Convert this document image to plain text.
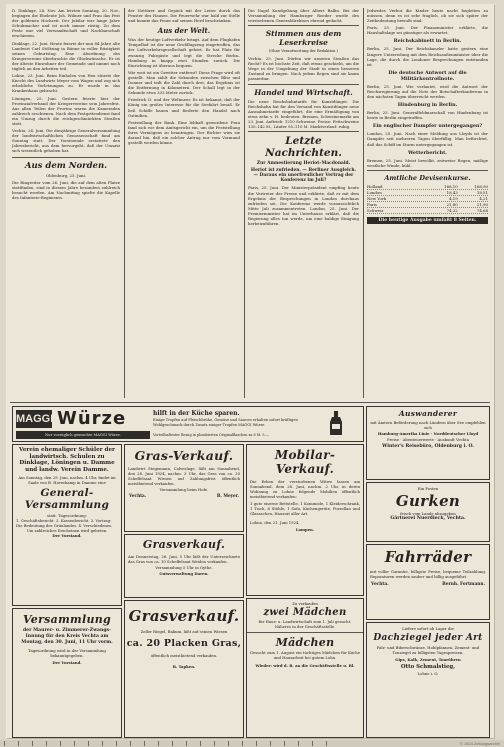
D. Dinklage, 28. Nov. Am letzten Sonntag, 20. Nov., begingen die Eheleute Joh. Wilmer und Frau das Fest der goldenen Hochzeit. Der Jubilar war lange Jahre Schuhmacher und ist noch immer rüstig. Zu dem Feste war viel Verwandtschaft und Nachbarschaft erschienen.

Dinklage, 22. Juni. Heute feierte der nun 84 Jahre alte Landwirt Carl Stöltzing in Bünne in voller Rüstigkeit seinen Geburtstag. Eine Abordnung des Kriegervereins überbrachte die Glückwünsche. Er ist der älteste Einwohner der Gemeinde und nimmt noch täglich an den Arbeiten teil.

Lohne, 23. Juni. Beim Einholen von Heu stürzte der Knecht des Landwirts Meyer vom Wagen und zog sich erhebliche Verletzungen zu. Er wurde in das Krankenhaus gebracht.

Löningen, 25. Juni. Gestern feierte hier der Provinzialverband der Kriegervereine sein Jahresfest. Aus allen Teilen der Provinz waren die Kameraden zahlreich erschienen. Nach dem Festgottesdienst fand ein Umzug durch die reichgeschmückten Straßen statt.

Vechta, 24. Juni. Die diesjährige Generalversammlung der landwirtschaftlichen Genossenschaft fand am Sonntag statt. Der Vorsitzende erstattete den Jahresbericht, aus dem hervorgeht, daß der Umsatz sich wesentlich gehoben hat.

Aus dem Norden.
Oldenburg, 25. Juni.

Die Ringreiter vom 26. Juni, die auf dem alten Platze stattfinden, sind in diesem Jahre besonders zahlreich besucht worden. Am Nachmittag spielte die Kapelle des Infanterie-Regiments.

der Nottürer und Gepäck mit der Leiter durch das Fenster des Hauses. Die Feuerwehr war bald zur Stelle und konnte das Feuer auf seinen Herd beschränken.

Aus der Welt.

Was der heutige Luftverkehr bringt. Auf dem Flughafen Tempelhof ist der neue Großflugzeug eingetroffen, das der Luftverkehrsgesellschaft gehört. Es hat Platz für zwanzig Fahrgäste und legt die Strecke Berlin–Hamburg in knapp zwei Stunden zurück. Die Einrichtung ist überaus bequem.

Wie weit ist ein Gewitter entfernt? Diese Frage wird oft gestellt. Man zählt die Sekunden zwischen Blitz und Donner und teilt die Zahl durch drei; das Ergebnis ist die Entfernung in Kilometern. Der Schall legt in der Sekunde etwa 333 Meter zurück.

Friedrich II. und der Weltmeer. Es ist bekannt, daß der König ein großes Interesse für die Seefahrt besaß. Er ließ Schiffe bauen und förderte den Handel nach Ostindien.

Feststellung der Bank. Eine lebhaft gewordene Frau fand sich vor dem Amtsgericht ein, um die Feststellung ihres Vermögens zu beantragen. Der Richter wies sie darauf hin, daß ein solcher Antrag nur vom Vormund gestellt werden könne.

Die Nagel Kundgebung über Albert Ballin. Bei der Versammlung der Hamburger Reeder wurde des verstorbenen Generaldirektors ehrend gedacht.

Stimmen aus dem Leserkreise
(Ohne Verantwortung der Redaktion.)

Vechta, 25. Juni. Dürfen wir unseren Straßen das Recht? Es ist höchste Zeit, daß etwas geschieht, um die Wege in der Umgebung der Stadt in einen besseren Zustand zu bringen. Nach jedem Regen sind sie kaum passierbar.

Handel und Wirtschaft.

Die neue Reichsbahntarife für Kunstdünger. Die Reichsbahn hat für den Versand von Kunstdünger neue Ausnahmetarife eingeführt, die eine Ermäßigung von etwa zehn v. H. bedeuten. Bremen, Schweinemarkt am 23. Juni. Auftrieb: 1210 Schweine. Preise: Fettschweine 130–142 M., Läufer 95–110 M. Marktverlauf: ruhig.

Letzte Nachrichten.
Zur Amnestierung Heriot–Macdonald.
Heriot ist zufrieden. — Berliner Ausgleich. — Daraus ein unerfreulicher Vertrag der Konferenz im Juli?

Paris, 25. Juni. Der Ministerpräsident empfing heute die Vertreter der Presse und erklärte, daß er mit dem Ergebnis der Besprechungen in London durchaus zufrieden sei. Die Konferenz werde voraussichtlich Mitte Juli zusammentreten. London, 25. Juni. Der Premierminister hat im Unterhause erklärt, daß die Regierung alles tun werde, um eine baldige Einigung herbeizuführen.

Jedwedes Verbot die Kinder heute nacht begleiten zu müssen, denn es ist sehr fraglich, ob sie sich später der Zeitbedeutung bewußt sind.

Paris, 25. Juni. Der Finanzminister erklärte, die Haushaltslage sei günstiger als erwartet.

Reichskabinett in Berlin.

Berlin, 25. Juni. Der Reichskanzler hatte gestern eine längere Unterredung mit dem Reichsaußenminister über die Lage, die durch die Londoner Besprechungen entstanden ist.

Die deutsche Antwort auf die Militärkontrollnote.

Berlin, 25. Juni. Wie verlautet, wird die Antwort der Reichsregierung auf die Note der Botschafterkonferenz in den nächsten Tagen überreicht werden.

Hindenburg in Berlin.

Berlin, 25. Juni. Generalfeldmarschall von Hindenburg ist heute in Berlin eingetroffen.

Ein englischer Dampfer untergegangen?

London, 25. Juni. Nach einer Meldung aus Lloyds ist der Dampfer seit mehreren Tagen überfällig. Man befürchtet, daß das Schiff im Sturm untergegangen ist.

Wetterbericht.

Bremen, 25. Juni. Meist bewölkt, zeitweise Regen, mäßige westliche Winde, kühl.

Amtliche Devisenkurse.
Holland	168,10	168,90
London	18,43	18,51
New York	4,19	4,21
Paris	21,80	21,90
Schweiz	74,32	74,68
Die heutige Ausgabe umfaßt 8 Seiten.
MAGGI Würze	hilft in der Küche sparen.
Einige Tropfen auf Fleischbrühe, Gemüse und Saucen erhalten sofort kräftigen Wohlgeschmack durch Zusatz einiger Tropfen MAGGI Würze.
Nur vorzüglich gemischte MAGGI Würze.	Vorteilhaftester Bezug in plombierten Originalflaschen zu 6 M. 5.—
Verein ehemaliger Schüler der landwirtsch. Schulen zu Dinklage, Löningen u. Damme und landw. Verein Damme.
Am Sonntag, den 29. Juni, nachm. 4 Uhr, findet im Saale von B. Haverkamp in Damme eine
General-Versammlung
statt. Tagesordnung:
1. Geschäftsbericht. 2. Kassenbericht. 3. Vortrag: Die Bedeutung des Grünlandes. 4. Verschiedenes.
Um zahlreiches Erscheinen wird gebeten.
Der Vorstand.
Versammlung
der Maurer- u. Zimmerer-Zwangs-Innung für den Kreis Vechta am Montag, den 30. Juni, 11 Uhr vorm.
Tagesordnung wird in der Versammlung bekanntgegeben.
Der Vorstand.
Gras-Verkauf.
Landwirt Stegemann, Calveslage, läßt am Sonnabend, den 28. Juni 1924, nachm. 3 Uhr, das Gras von ca. 20 Scheffelsaat Wiesen auf Zahlungsfrist öffentlich meistbietend verkaufen.
Versammlung beim Hofe.
Vechta.	B. Meyer.
Grasverkauf.
Am Donnerstag, 26. Juni, 5 Uhr läßt der Unterzeichnete das Gras von ca. 10 Scheffelsaat Weiden verkaufen.
Versammlung 5 Uhr in Oythe.
Gutsverwaltung Daren.
Grasverkauf.
Zeller Riegel, Bakum, läßt auf seinen Wiesen
ca. 20 Placken Gras,
öffentlich meistbietend verkaufen.
B. Tapken.
Mobilar-Verkauf.
Die Erben der verstorbenen Witwe lassen am Sonnabend, dem 28. Juni, nachm. 2 Uhr, in deren Wohnung zu Lohne folgende Mobilien öffentlich meistbietend verkaufen:
1 gute eiserne Bettstelle, 1 Kommode, 1 Kleiderschrank, 1 Tisch, 6 Stühle, 1 Sofa, Küchengeräte, Porzellan und Glassachen, Hausrat aller Art.
Lohne, den 21. Juni 1924.
Lampen.
Zu verkaufen
zwei Mädchen
für Haus- u. Landwirtschaft zum 1. Juli gesucht. Näheres in der Geschäftsstelle.
Mädchen
Gesucht zum 1. August ein tüchtiges Mädchen für Küche und Hausarbeit bei gutem Lohn.
Wieder: wird d. B. an die Geschäftsstelle u. Bl.
Auswanderer
mit Ämtern Beförderung nach Ländern über See empfehlen sich
Hamburg-Amerika Linie · Norddeutscher Lloyd
Preise · Abenteuerwerte · Auskunft Vechta
Winter's Reisebüro, Oldenburg i. O.
Ein Posten
Gurken
frisch vom Lande abzugeben
Gärtnerei Nuerdieck, Vechta.
Fahrräder
mit voller Garantie, billigste Preise, bequeme Teilzahlung. Reparaturen werden sauber und billig ausgeführt.
Vechta.	Bernh. Fortmann.
Liefere sofort ab Lager die
Dachziegel jeder Art
Falz- und Biberschwänze, Hohlpfannen, Zement- und Tonziegel zu billigsten Tagespreisen.
Gips, Kalk, Zement, Tonröhren
Otto Schmalstieg,
Lohne i. O.
© 1924 Zeitungsarchiv
